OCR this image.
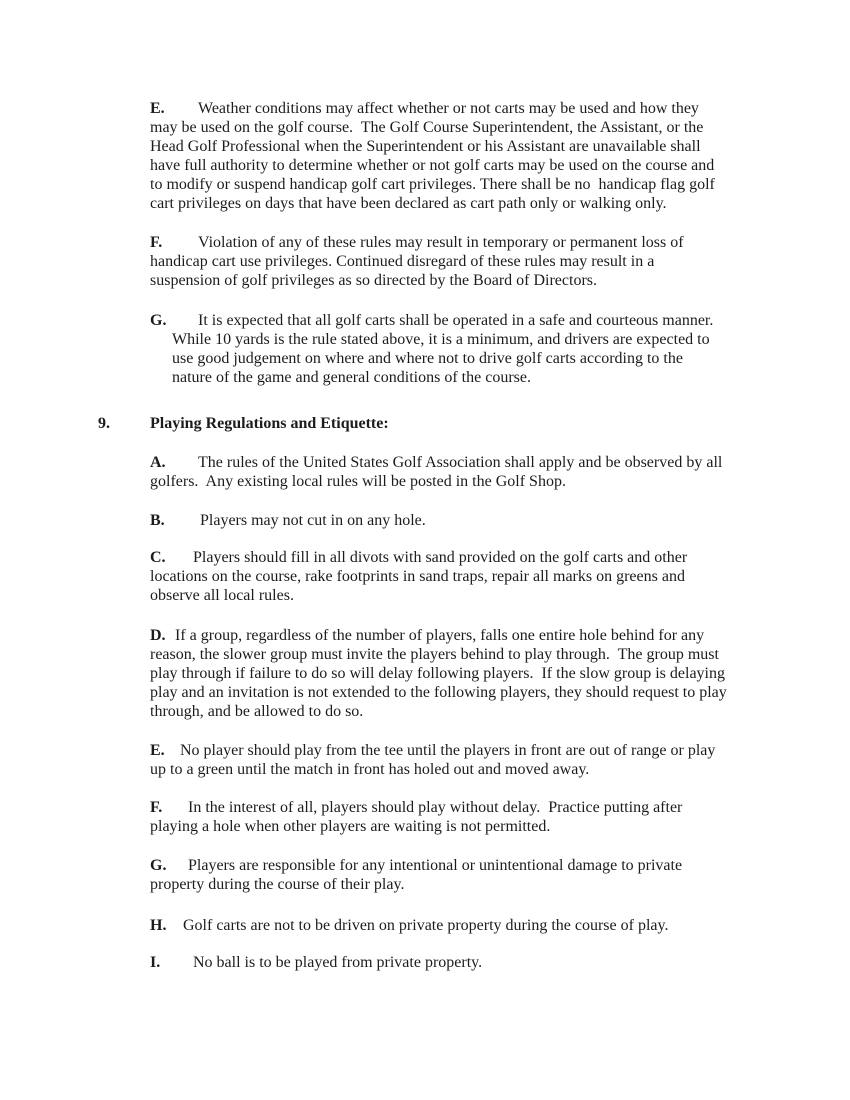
E. Weather conditions may affect whether or not carts may be used and how they
may be used on the golf course.  The Golf Course Superintendent, the Assistant, or the
Head Golf Professional when the Superintendent or his Assistant are unavailable shall
have full authority to determine whether or not golf carts may be used on the course and
to modify or suspend handicap golf cart privileges. There shall be no  handicap flag golf
cart privileges on days that have been declared as cart path only or walking only.
F. Violation of any of these rules may result in temporary or permanent loss of
handicap cart use privileges. Continued disregard of these rules may result in a
suspension of golf privileges as so directed by the Board of Directors.
G. It is expected that all golf carts shall be operated in a safe and courteous manner.
While 10 yards is the rule stated above, it is a minimum, and drivers are expected to
use good judgement on where and where not to drive golf carts according to the
nature of the game and general conditions of the course.
9.	Playing Regulations and Etiquette:
A. The rules of the United States Golf Association shall apply and be observed by all
golfers.  Any existing local rules will be posted in the Golf Shop.
B. Players may not cut in on any hole.
C. Players should fill in all divots with sand provided on the golf carts and other
locations on the course, rake footprints in sand traps, repair all marks on greens and
observe all local rules.
D. If a group, regardless of the number of players, falls one entire hole behind for any
reason, the slower group must invite the players behind to play through.  The group must
play through if failure to do so will delay following players.  If the slow group is delaying
play and an invitation is not extended to the following players, they should request to play
through, and be allowed to do so.
E. No player should play from the tee until the players in front are out of range or play
up to a green until the match in front has holed out and moved away.
F. In the interest of all, players should play without delay.  Practice putting after
playing a hole when other players are waiting is not permitted.
G. Players are responsible for any intentional or unintentional damage to private
property during the course of their play.
H. Golf carts are not to be driven on private property during the course of play.
I. No ball is to be played from private property.
